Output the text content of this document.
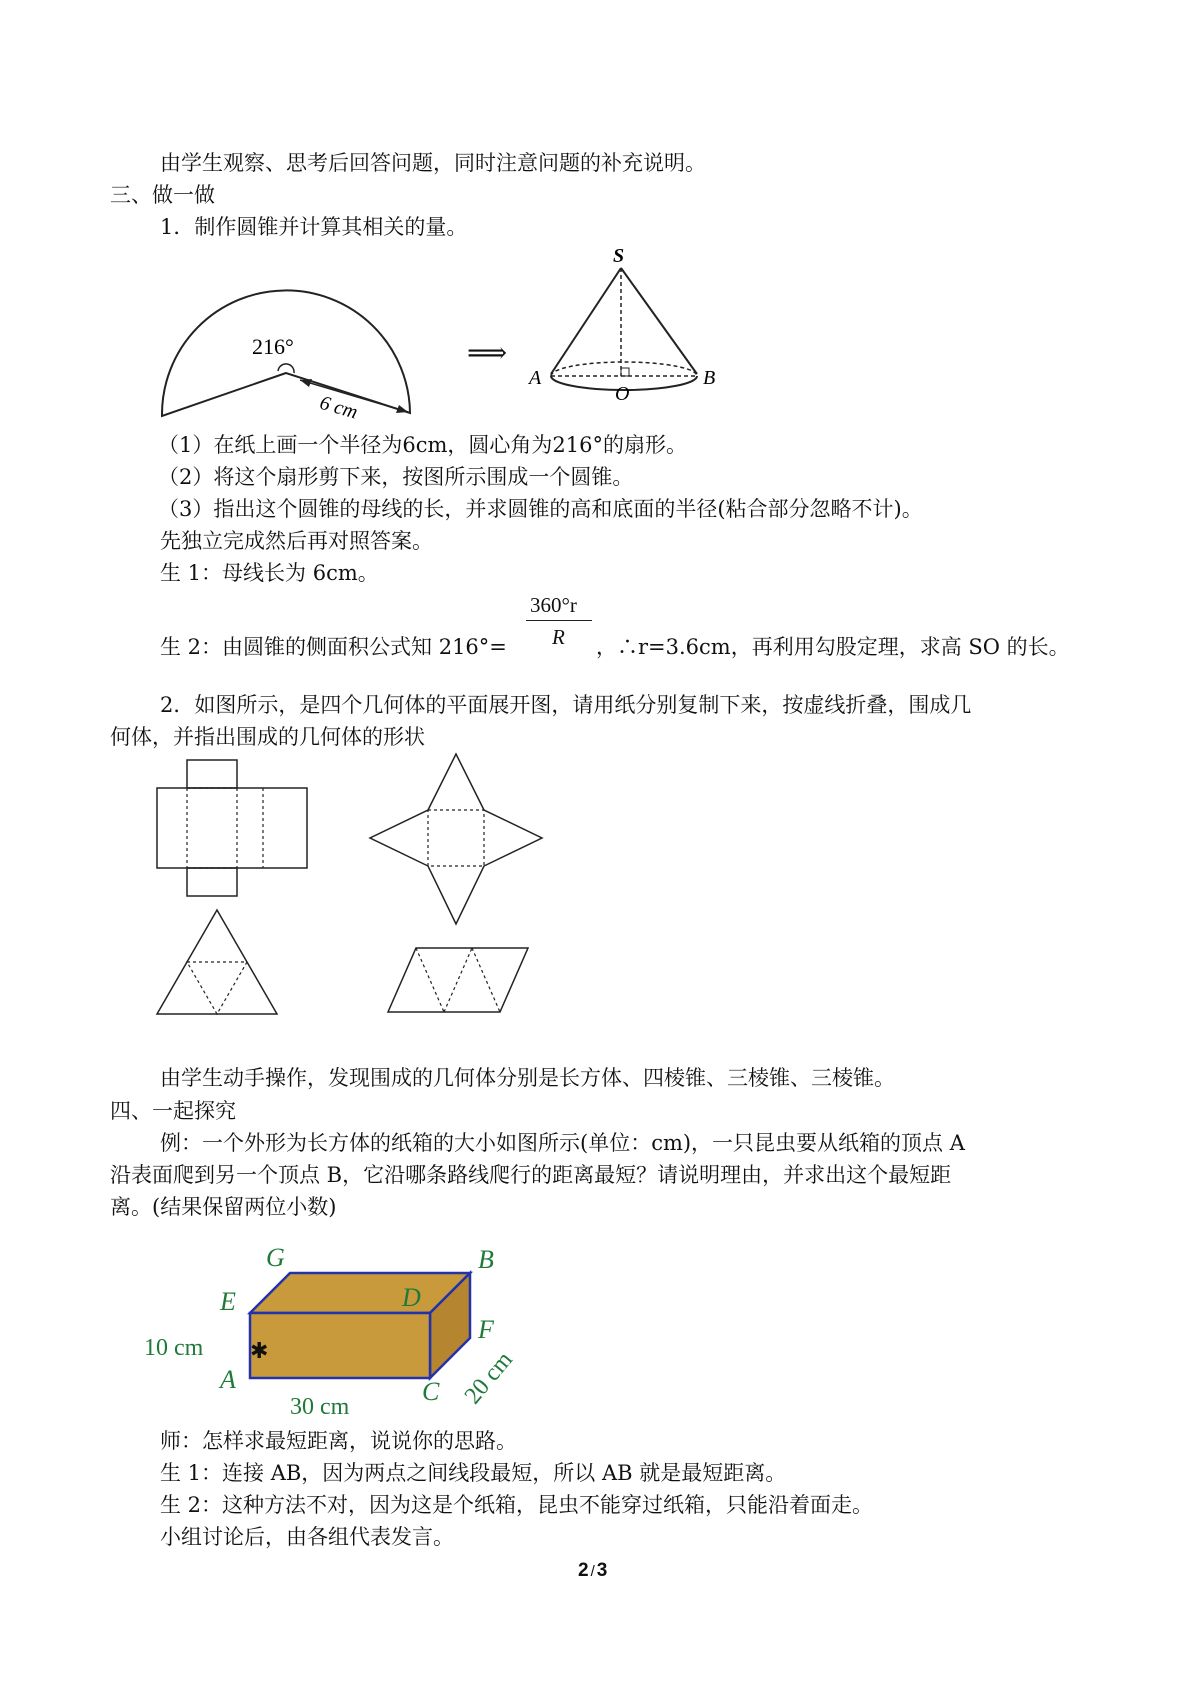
由学生观察、思考后回答问题，同时注意问题的补充说明。
三、做一做
1．制作圆锥并计算其相关的量。
216°
6 cm
⟹
S
A
O
B
（1）在纸上画一个半径为6cm，圆心角为216°的扇形。
（2）将这个扇形剪下来，按图所示围成一个圆锥。
（3）指出这个圆锥的母线的长，并求圆锥的高和底面的半径(粘合部分忽略不计)。
先独立完成然后再对照答案。
生 1：母线长为 6cm。
360°r
R
生 2：由圆锥的侧面积公式知 216°=	，∴r=3.6cm，再利用勾股定理，求高 SO 的长。
2．如图所示，是四个几何体的平面展开图，请用纸分别复制下来，按虚线折叠，围成几
何体，并指出围成的几何体的形状
由学生动手操作，发现围成的几何体分别是长方体、四棱锥、三棱锥、三棱锥。
四、一起探究
例：一个外形为长方体的纸箱的大小如图所示(单位：cm)，一只昆虫要从纸箱的顶点 A
沿表面爬到另一个顶点 B，它沿哪条路线爬行的距离最短？请说明理由，并求出这个最短距
离。(结果保留两位小数)
✱
G	B
E	D
F
A	C
10 cm
30 cm	20 cm
师：怎样求最短距离，说说你的思路。
生 1：连接 AB，因为两点之间线段最短，所以 AB 就是最短距离。
生 2：这种方法不对，因为这是个纸箱，昆虫不能穿过纸箱，只能沿着面走。
小组讨论后，由各组代表发言。
2 / 3
